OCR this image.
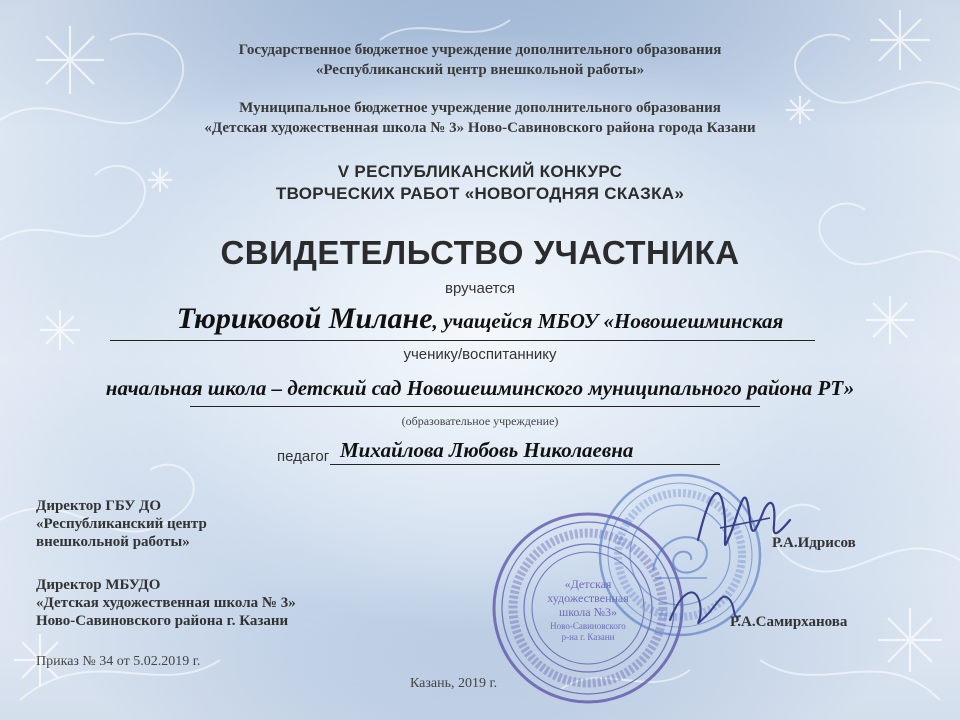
Государственное бюджетное учреждение дополнительного образования
«Республиканский центр внешкольной работы»
Муниципальное бюджетное учреждение дополнительного образования
«Детская художественная школа № 3» Ново-Савиновского района города Казани
V РЕСПУБЛИКАНСКИЙ КОНКУРС
ТВОРЧЕСКИХ РАБОТ «НОВОГОДНЯЯ СКАЗКА»
СВИДЕТЕЛЬСТВО УЧАСТНИКА
вручается
Тюриковой Милане, учащейся МБОУ «Новошешминская
ученику/воспитаннику
начальная школа – детский сад Новошешминского муниципального района РТ»
(образовательное учреждение)
педагог Михайлова Любовь Николаевна
«Детская
художественная
школа №3»
Ново-Савиновского
р-на г. Казани
Директор ГБУ ДО
«Республиканский центр
внешкольной работы»	Р.А.Идрисов
Директор МБУДО
«Детская художественная школа № 3»
Ново-Савиновского района г. Казани	Р.А.Самирханова
Приказ № 34 от 5.02.2019 г.
Казань, 2019 г.
